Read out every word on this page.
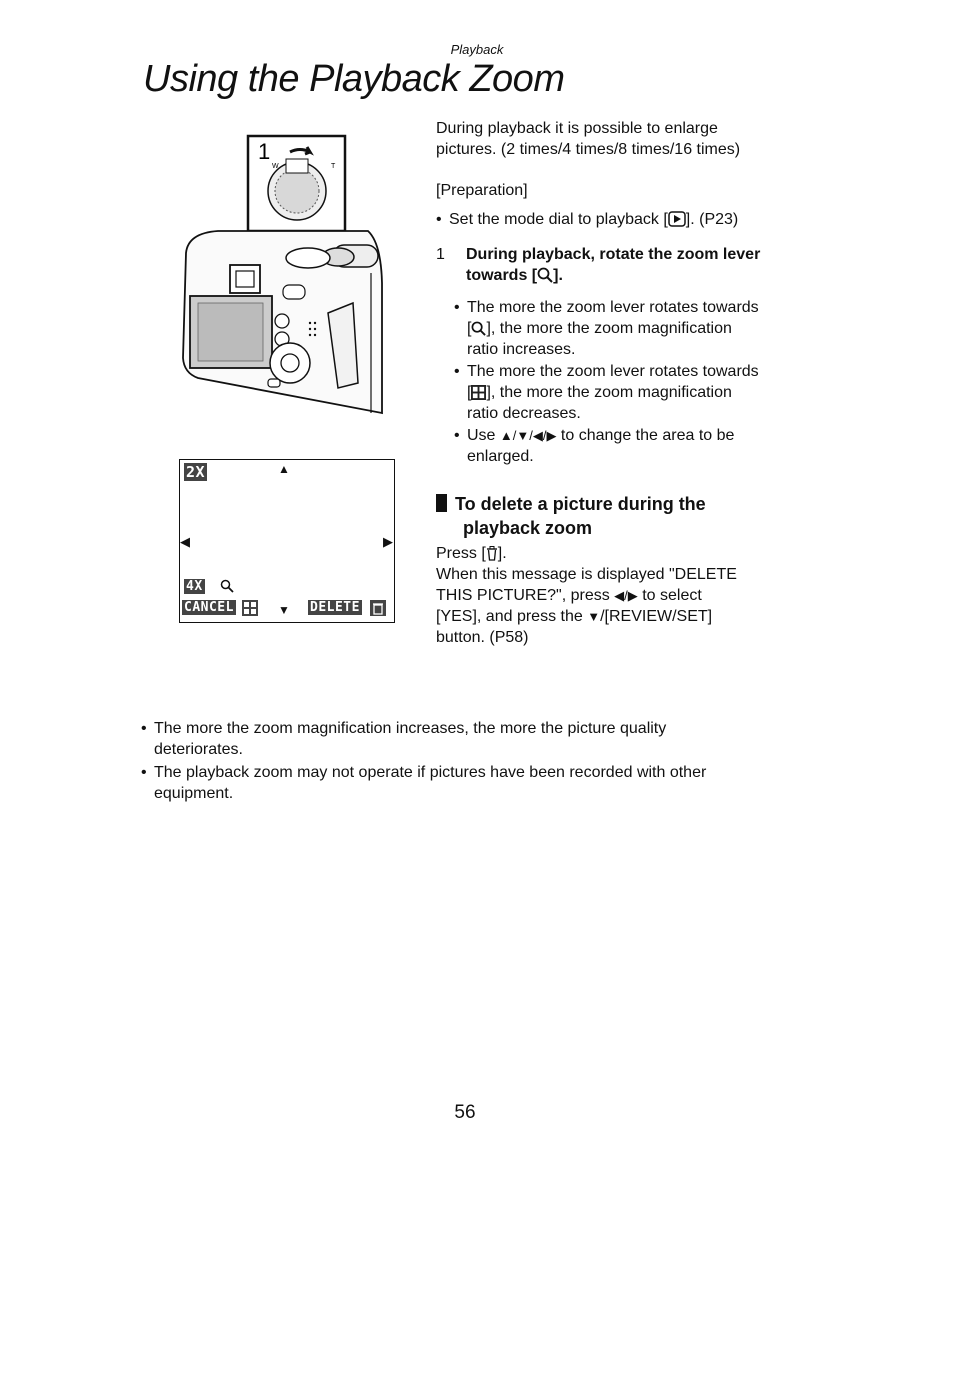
Playback
Using the Playback Zoom
1
W	T
2X	▲
◀	▶
4X
CANCEL	▼ DELETE
During playback it is possible to enlarge
pictures. (2 times/4 times/8 times/16 times)
[Preparation]
• Set the mode dial to playback [ ]. (P23)
1 During playback, rotate the zoom lever
towards [ ].
• The more the zoom lever rotates towards
[ ], the more the zoom magnification
ratio increases.
• The more the zoom lever rotates towards
[ ], the more the zoom magnification
ratio decreases.
• Use ▲/▼/◀/▶ to change the area to be
enlarged.
To delete a picture during the
playback zoom
Press [ ].
When this message is displayed "DELETE
THIS PICTURE?", press ◀/▶ to select
[YES], and press the ▼/[REVIEW/SET]
button. (P58)
• The more the zoom magnification increases, the more the picture quality
deteriorates.
• The playback zoom may not operate if pictures have been recorded with other
equipment.
56
